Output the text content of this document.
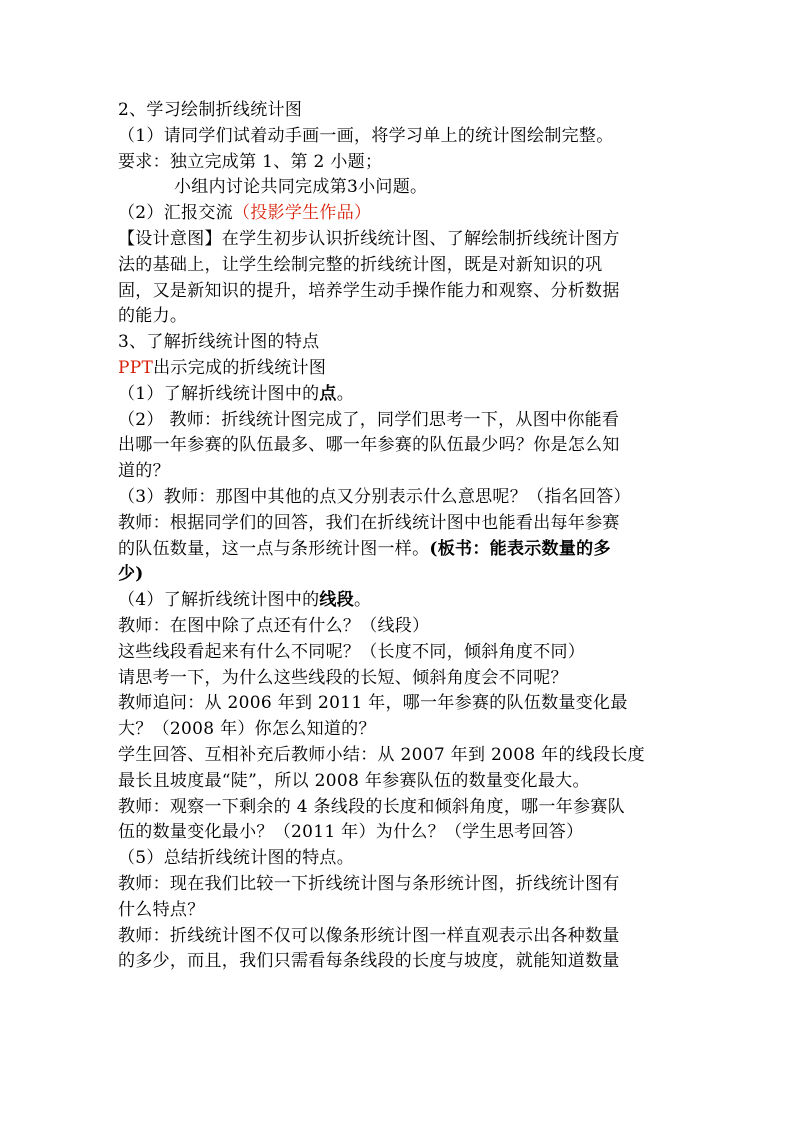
2、学习绘制折线统计图
（1）请同学们试着动手画一画，将学习单上的统计图绘制完整。
要求：独立完成第 1、第 2 小题；
小组内讨论共同完成第3小问题。
（2）汇报交流（投影学生作品）
【设计意图】在学生初步认识折线统计图、了解绘制折线统计图方
法的基础上，让学生绘制完整的折线统计图，既是对新知识的巩
固，又是新知识的提升，培养学生动手操作能力和观察、分析数据
的能力。
3、了解折线统计图的特点
PPT出示完成的折线统计图
（1）了解折线统计图中的点。
（2） 教师：折线统计图完成了，同学们思考一下，从图中你能看
出哪一年参赛的队伍最多、哪一年参赛的队伍最少吗？你是怎么知
道的？
（3）教师：那图中其他的点又分别表示什么意思呢？（指名回答）
教师：根据同学们的回答，我们在折线统计图中也能看出每年参赛
的队伍数量，这一点与条形统计图一样。(板书：能表示数量的多
少)
（4）了解折线统计图中的线段。
教师：在图中除了点还有什么？（线段）
这些线段看起来有什么不同呢？（长度不同，倾斜角度不同）
请思考一下，为什么这些线段的长短、倾斜角度会不同呢？
教师追问：从 2006 年到 2011 年，哪一年参赛的队伍数量变化最
大？（2008 年）你怎么知道的？
学生回答、互相补充后教师小结：从 2007 年到 2008 年的线段长度
最长且坡度最“陡”，所以 2008 年参赛队伍的数量变化最大。
教师：观察一下剩余的 4 条线段的长度和倾斜角度，哪一年参赛队
伍的数量变化最小？（2011 年）为什么？（学生思考回答）
（5）总结折线统计图的特点。
教师：现在我们比较一下折线统计图与条形统计图，折线统计图有
什么特点？
教师：折线统计图不仅可以像条形统计图一样直观表示出各种数量
的多少，而且，我们只需看每条线段的长度与坡度，就能知道数量
